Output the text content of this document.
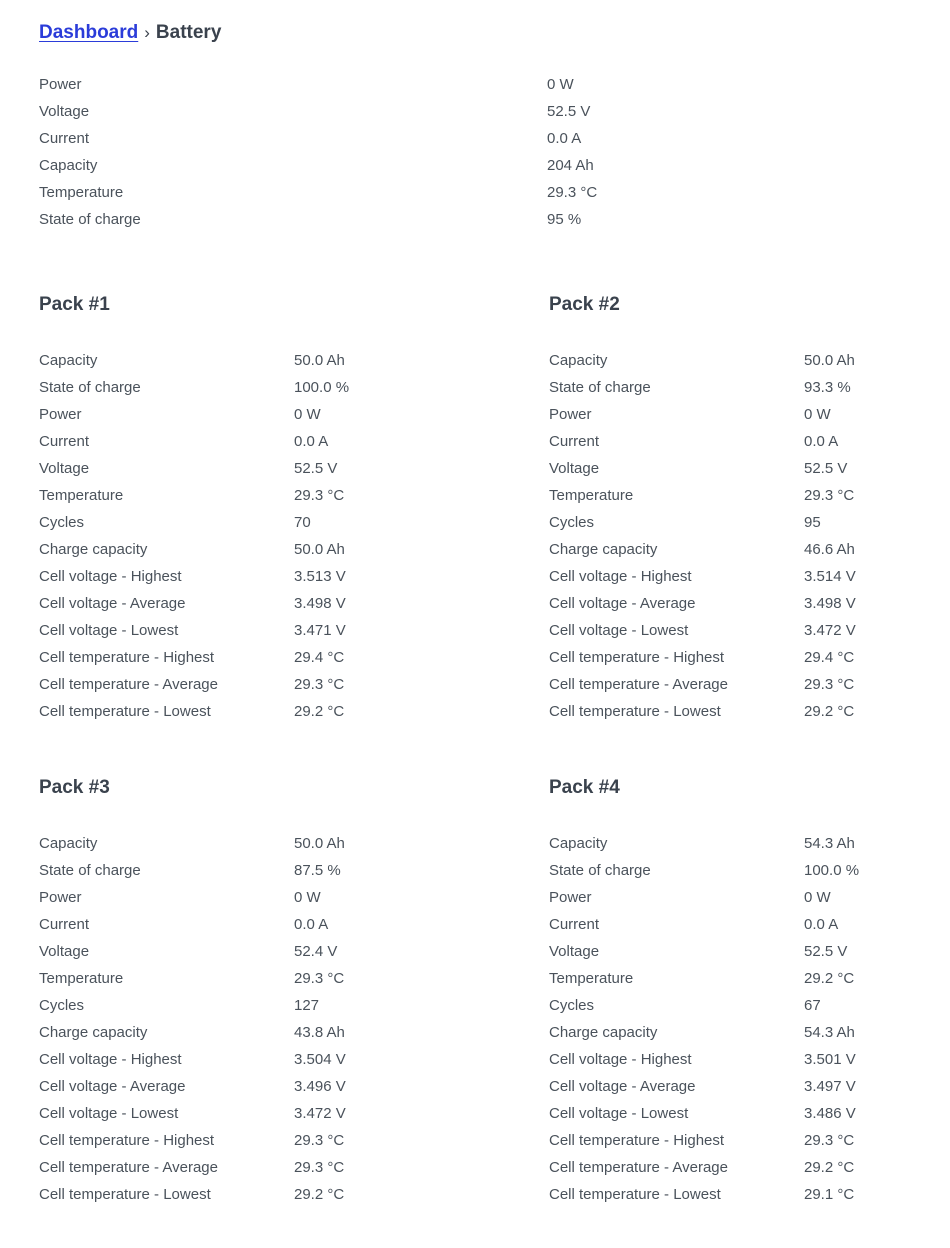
Dashboard › Battery
Power	0 W
Voltage	52.5 V
Current	0.0 A
Capacity	204 Ah
Temperature	29.3 °C
State of charge	95 %
Pack #1
Capacity	50.0 Ah
State of charge	100.0 %
Power	0 W
Current	0.0 A
Voltage	52.5 V
Temperature	29.3 °C
Cycles	70
Charge capacity	50.0 Ah
Cell voltage - Highest	3.513 V
Cell voltage - Average	3.498 V
Cell voltage - Lowest	3.471 V
Cell temperature - Highest	29.4 °C
Cell temperature - Average	29.3 °C
Cell temperature - Lowest	29.2 °C
Pack #2
Capacity	50.0 Ah
State of charge	93.3 %
Power	0 W
Current	0.0 A
Voltage	52.5 V
Temperature	29.3 °C
Cycles	95
Charge capacity	46.6 Ah
Cell voltage - Highest	3.514 V
Cell voltage - Average	3.498 V
Cell voltage - Lowest	3.472 V
Cell temperature - Highest	29.4 °C
Cell temperature - Average	29.3 °C
Cell temperature - Lowest	29.2 °C
Pack #3
Capacity	50.0 Ah
State of charge	87.5 %
Power	0 W
Current	0.0 A
Voltage	52.4 V
Temperature	29.3 °C
Cycles	127
Charge capacity	43.8 Ah
Cell voltage - Highest	3.504 V
Cell voltage - Average	3.496 V
Cell voltage - Lowest	3.472 V
Cell temperature - Highest	29.3 °C
Cell temperature - Average	29.3 °C
Cell temperature - Lowest	29.2 °C
Pack #4
Capacity	54.3 Ah
State of charge	100.0 %
Power	0 W
Current	0.0 A
Voltage	52.5 V
Temperature	29.2 °C
Cycles	67
Charge capacity	54.3 Ah
Cell voltage - Highest	3.501 V
Cell voltage - Average	3.497 V
Cell voltage - Lowest	3.486 V
Cell temperature - Highest	29.3 °C
Cell temperature - Average	29.2 °C
Cell temperature - Lowest	29.1 °C
